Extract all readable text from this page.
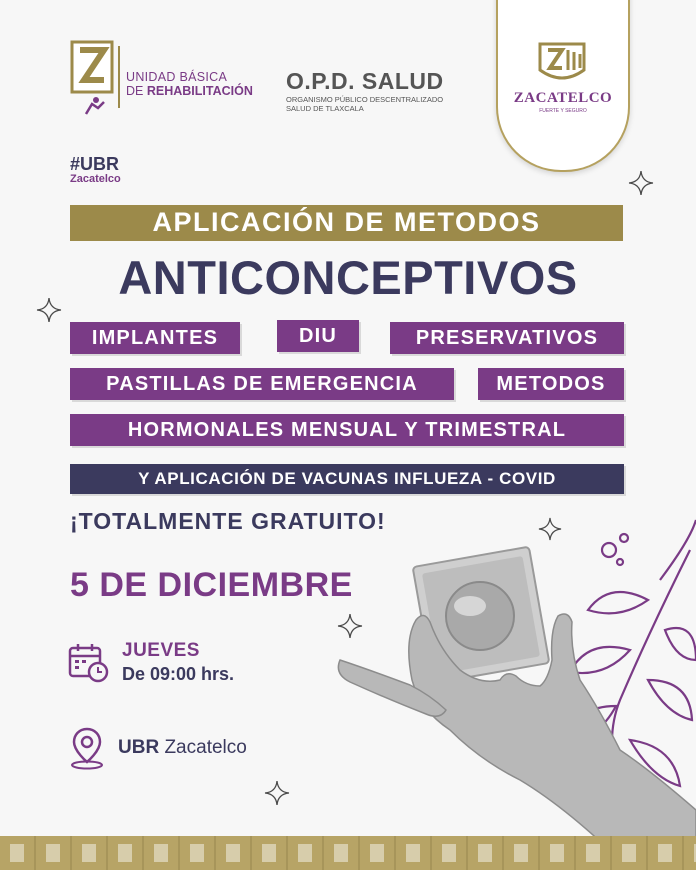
UNIDAD BÁSICA
DE REHABILITACIÓN O.P.D. SALUD
ORGANISMO PÚBLICO DESCENTRALIZADO
SALUD DE TLAXCALA
ZACATELCO
FUERTE Y SEGURO
#UBR
Zacatelco
APLICACIÓN DE METODOS
ANTICONCEPTIVOS
IMPLANTES	DIU	PRESERVATIVOS
PASTILLAS DE EMERGENCIA	METODOS
HORMONALES MENSUAL Y TRIMESTRAL
Y APLICACIÓN DE VACUNAS INFLUEZA - COVID
¡TOTALMENTE GRATUITO!
5 DE DICIEMBRE
JUEVES
De 09:00 hrs.
UBR Zacatelco
